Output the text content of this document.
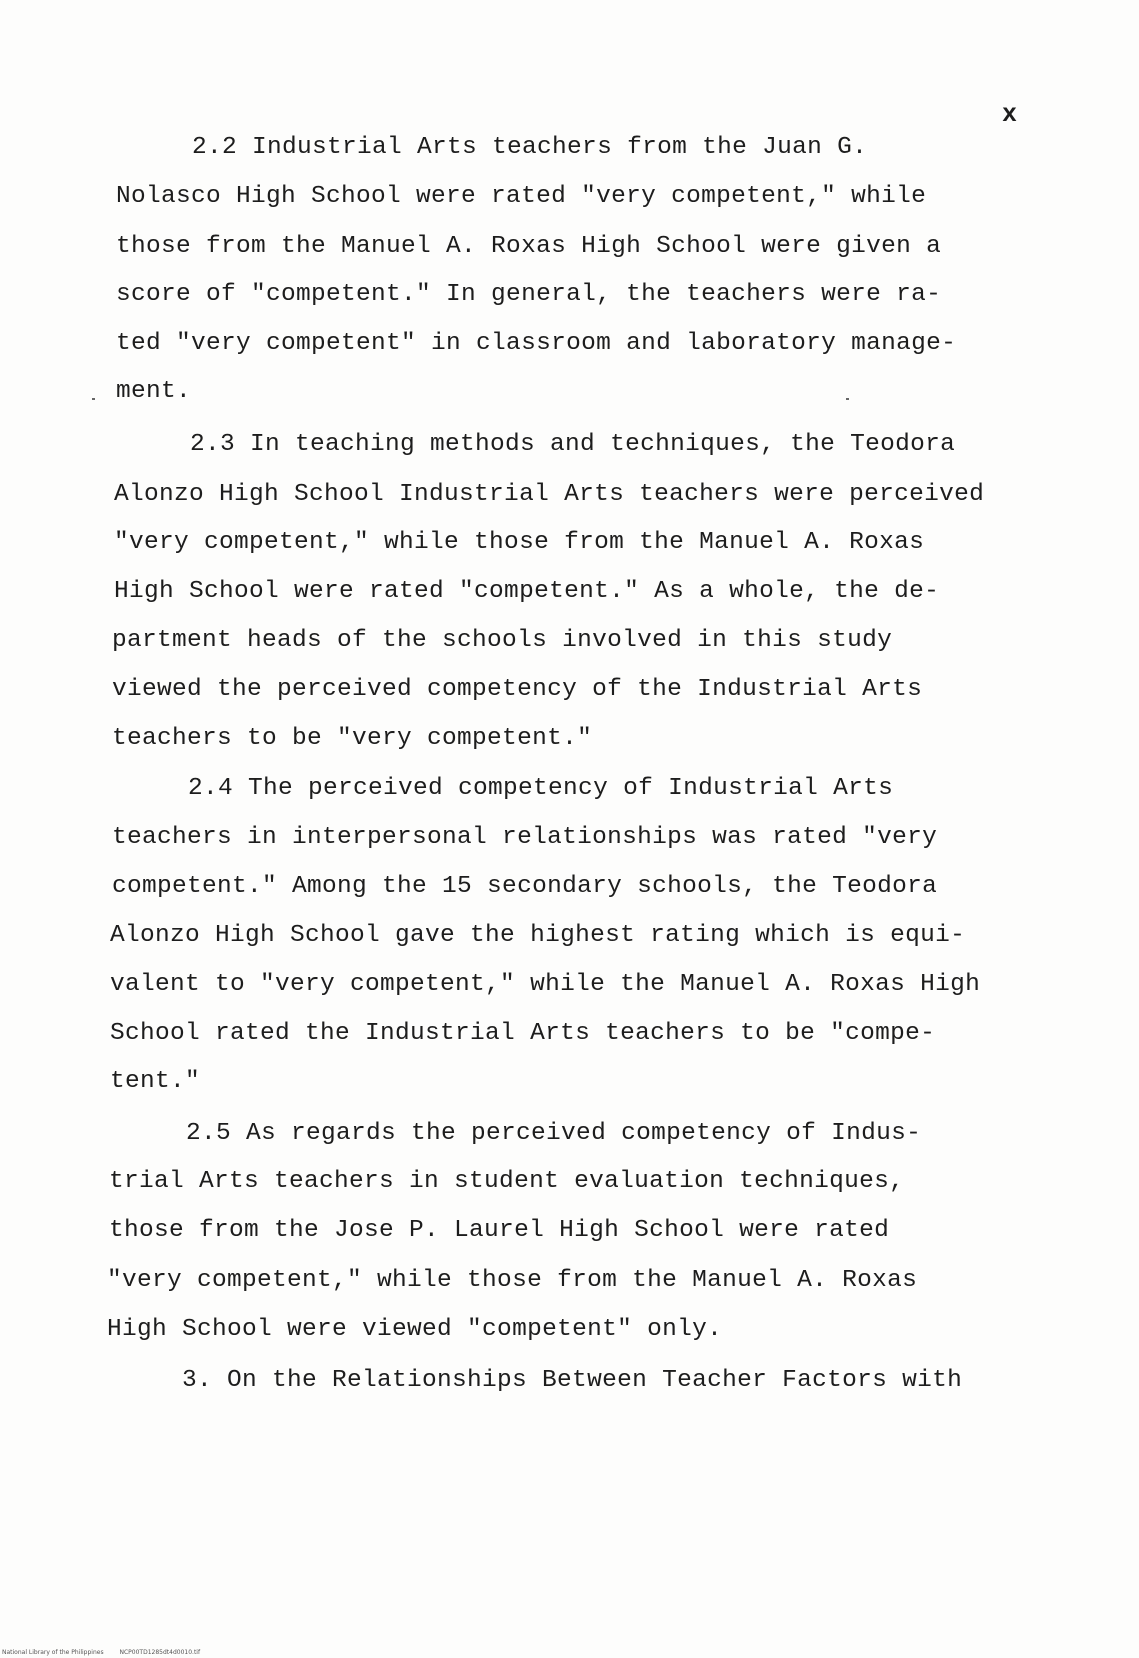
x
2.2 Industrial Arts teachers from the Juan G.
Nolasco High School were rated "very competent," while
those from the Manuel A. Roxas High School were given a
score of "competent." In general, the teachers were ra-
ted "very competent" in classroom and laboratory manage-
ment.
2.3 In teaching methods and techniques, the Teodora
Alonzo High School Industrial Arts teachers were perceived
"very competent," while those from the Manuel A. Roxas
High School were rated "competent." As a whole, the de-
partment heads of the schools involved in this study
viewed the perceived competency of the Industrial Arts
teachers to be "very competent."
2.4 The perceived competency of Industrial Arts
teachers in interpersonal relationships was rated "very
competent." Among the 15 secondary schools, the Teodora
Alonzo High School gave the highest rating which is equi-
valent to "very competent," while the Manuel A. Roxas High
School rated the Industrial Arts teachers to be "compe-
tent."
2.5 As regards the perceived competency of Indus-
trial Arts teachers in student evaluation techniques,
those from the Jose P. Laurel High School were rated
"very competent," while those from the Manuel A. Roxas
High School were viewed "competent" only.
3. On the Relationships Between Teacher Factors with
National Library of the Philippines	NCP00TD1285dt4d0010.tif
